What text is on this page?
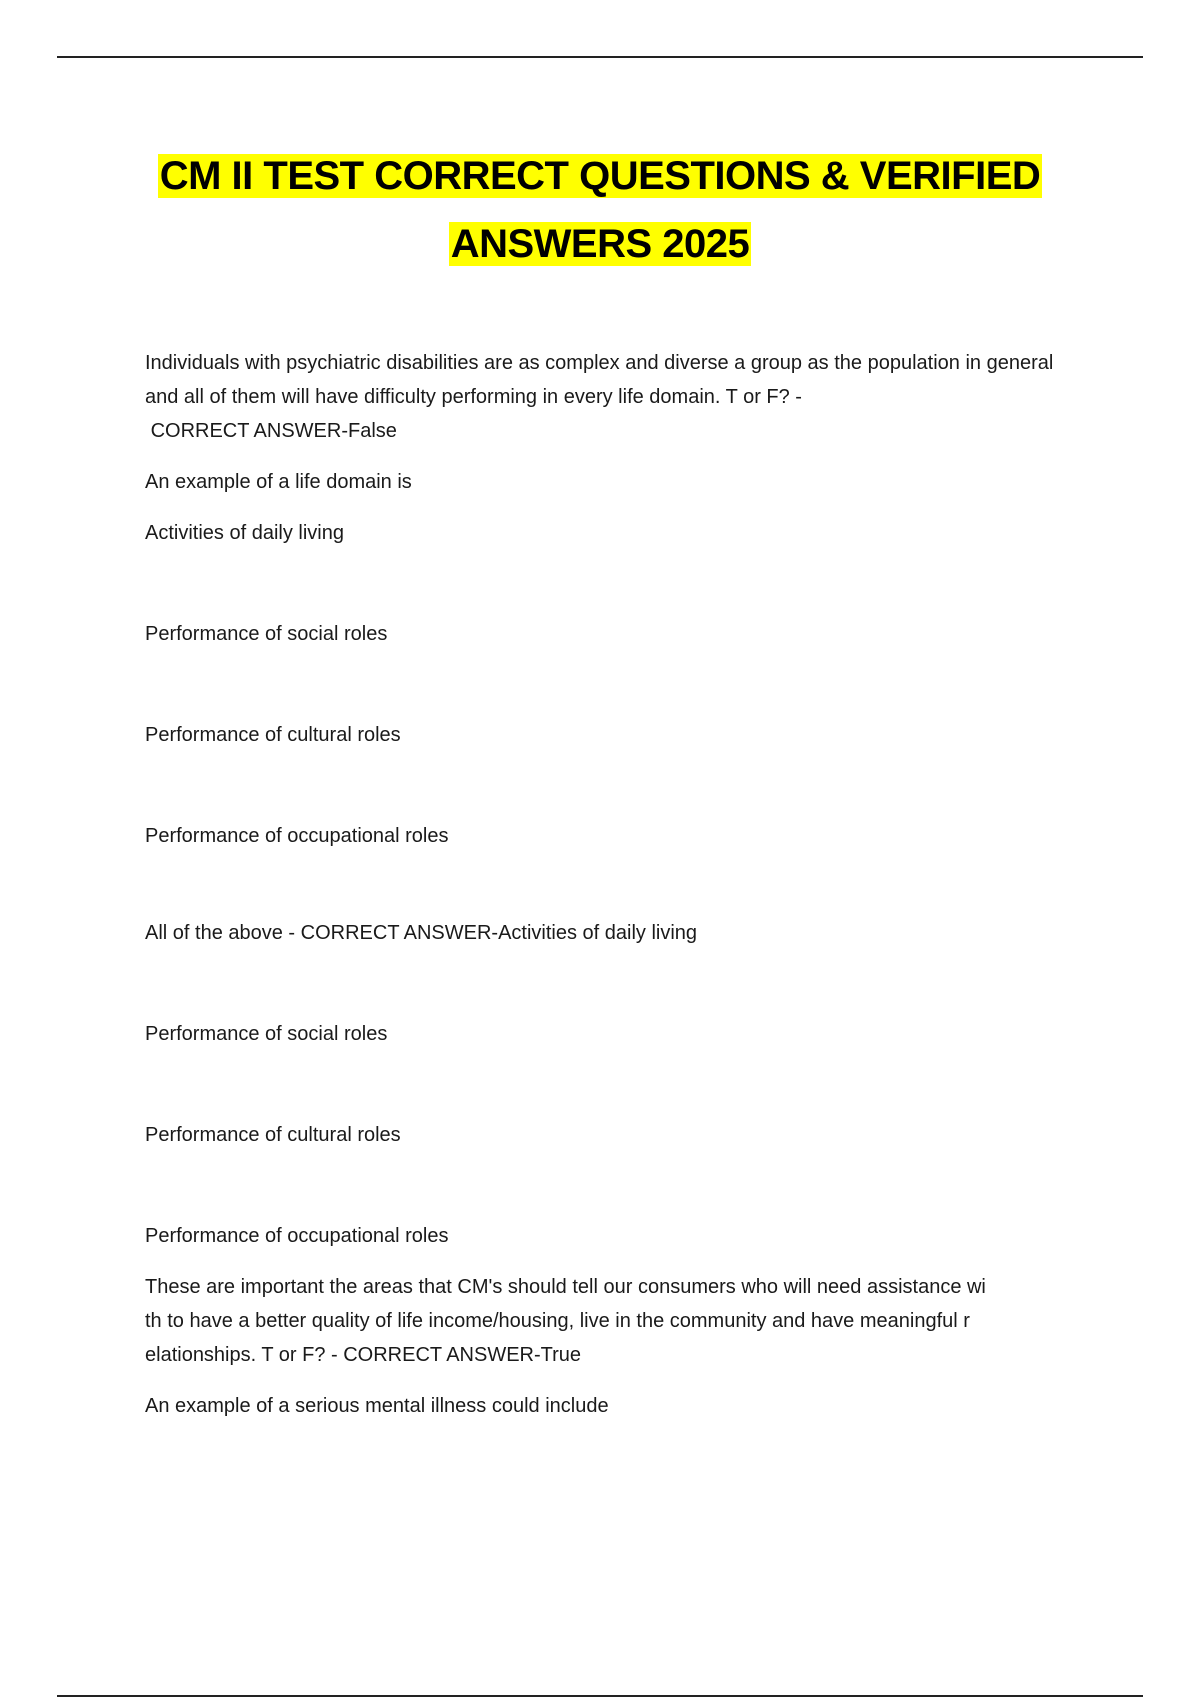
CM II TEST CORRECT QUESTIONS & VERIFIED
ANSWERS 2025

Individuals with psychiatric disabilities are as complex and diverse a group as the population in general and all of them will have difficulty performing in every life domain. T or F? -
CORRECT ANSWER-False

An example of a life domain is

Activities of daily living

Performance of social roles

Performance of cultural roles

Performance of occupational roles

All of the above - CORRECT ANSWER-Activities of daily living

Performance of social roles

Performance of cultural roles

Performance of occupational roles

These are important the areas that CM's should tell our consumers who will need assistance wi
th to have a better quality of life income/housing, live in the community and have meaningful r
elationships. T or F? - CORRECT ANSWER-True

An example of a serious mental illness could include
